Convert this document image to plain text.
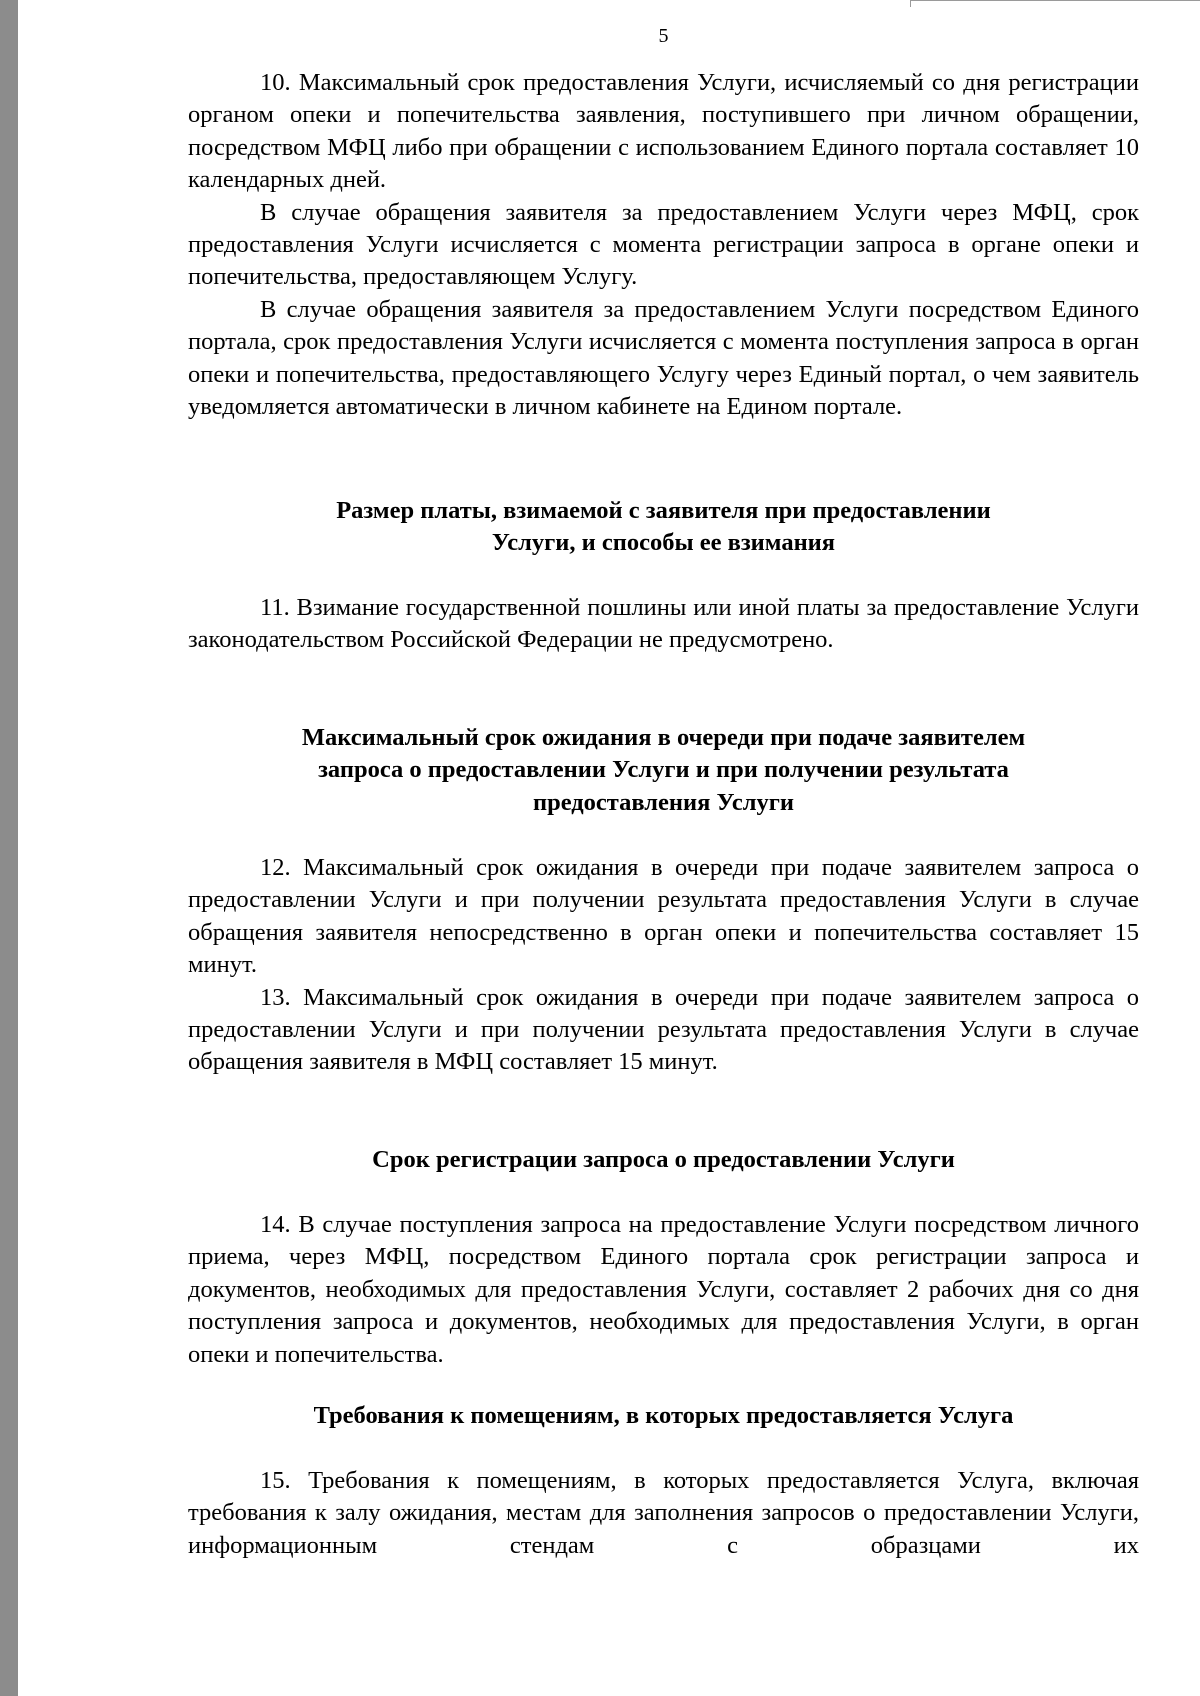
5

10. Максимальный срок предоставления Услуги, исчисляемый со дня регистрации органом опеки и попечительства заявления, поступившего при личном обращении, посредством МФЦ либо при обращении с использованием Единого портала составляет 10 календарных дней.

В случае обращения заявителя за предоставлением Услуги через МФЦ, срок предоставления Услуги исчисляется с момента регистрации запроса в органе опеки и попечительства, предоставляющем Услугу.

В случае обращения заявителя за предоставлением Услуги посредством Единого портала, срок предоставления Услуги исчисляется с момента поступления запроса в орган опеки и попечительства, предоставляющего Услугу через Единый портал, о чем заявитель уведомляется автоматически в личном кабинете на Едином портале.

Размер платы, взимаемой с заявителя при предоставлении
Услуги, и способы ее взимания

11. Взимание государственной пошлины или иной платы за предоставление Услуги законодательством Российской Федерации не предусмотрено.

Максимальный срок ожидания в очереди при подаче заявителем
запроса о предоставлении Услуги и при получении результата
предоставления Услуги

12. Максимальный срок ожидания в очереди при подаче заявителем запроса о предоставлении Услуги и при получении результата предоставления Услуги в случае обращения заявителя непосредственно в орган опеки и попечительства составляет 15 минут.

13. Максимальный срок ожидания в очереди при подаче заявителем запроса о предоставлении Услуги и при получении результата предоставления Услуги в случае обращения заявителя в МФЦ составляет 15 минут.

Срок регистрации запроса о предоставлении Услуги

14. В случае поступления запроса на предоставление Услуги посредством личного приема, через МФЦ, посредством Единого портала срок регистрации запроса и документов, необходимых для предоставления Услуги, составляет 2 рабочих дня со дня поступления запроса и документов, необходимых для предоставления Услуги, в орган опеки и попечительства.

Требования к помещениям, в которых предоставляется Услуга

15. Требования к помещениям, в которых предоставляется Услуга, включая требования к залу ожидания, местам для заполнения запросов о предоставлении Услуги, информационным стендам с образцами их
